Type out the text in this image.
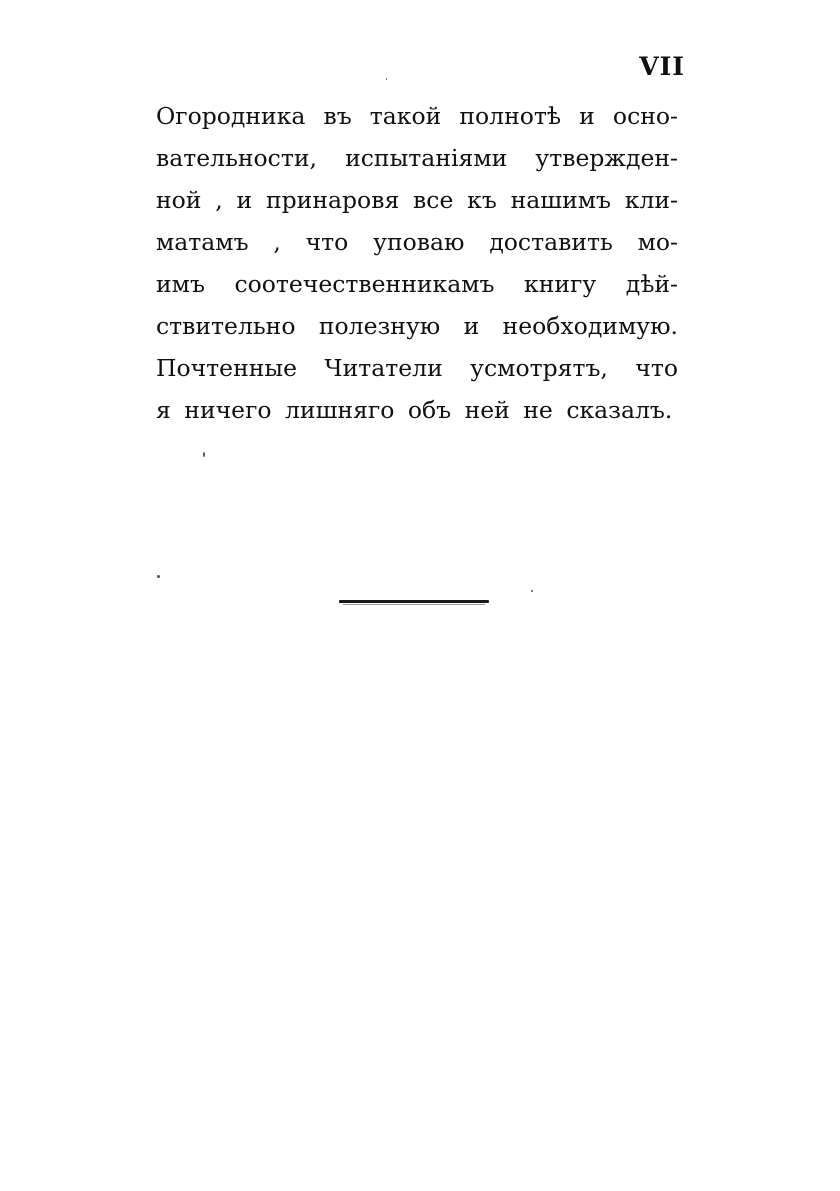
VII
Огородника въ такой полнотѣ и осно-
вательности, испытаніями утвержден-
ной , и принаровя все къ нашимъ кли-
матамъ , что уповаю доставить мо-
имъ соотечественникамъ книгу дѣй-
ствительно полезную и необходимую.
Почтенные Читатели усмотрятъ, что
я ничего лишняго объ ней не сказалъ.
